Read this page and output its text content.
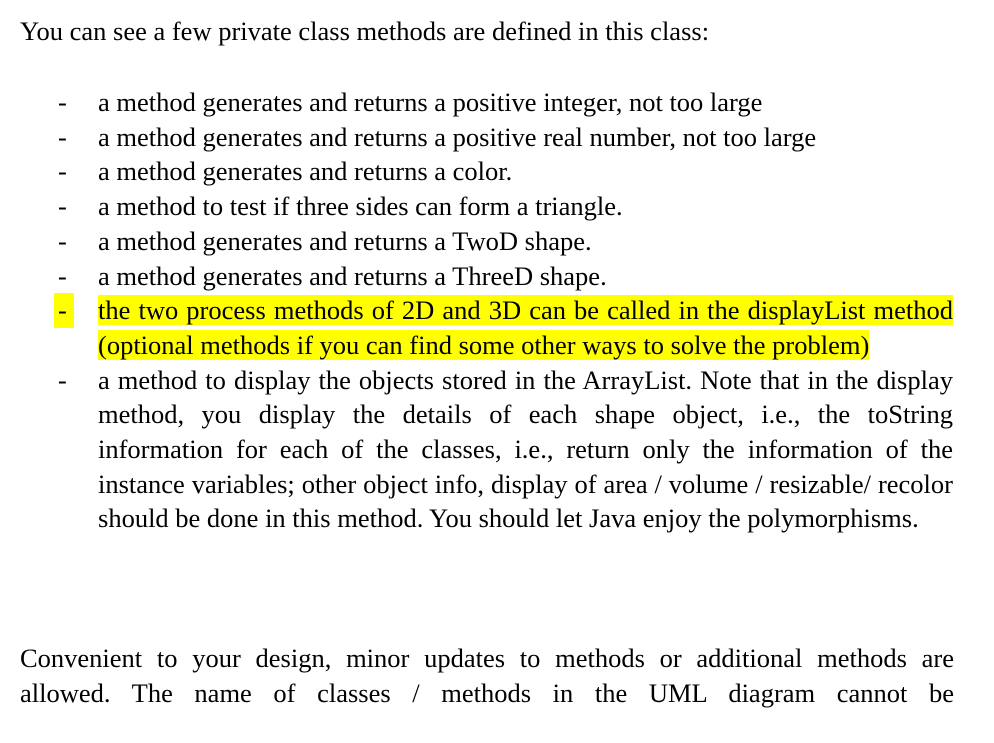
You can see a few private class methods are defined in this class:

- a method generates and returns a positive integer, not too large
- a method generates and returns a positive real number, not too large
- a method generates and returns a color.
- a method to test if three sides can form a triangle.
- a method generates and returns a TwoD shape.
- a method generates and returns a ThreeD shape.
- the two process methods of 2D and 3D can be called in the displayList method (optional methods if you can find some other ways to solve the problem)
- a method to display the objects stored in the ArrayList. Note that in the display method, you display the details of each shape object, i.e., the toString information for each of the classes, i.e., return only the information of the instance variables; other object info, display of area / volume / resizable/ recolor should be done in this method. You should let Java enjoy the polymorphisms.

Convenient to your design, minor updates to methods or additional methods are allowed. The name of classes / methods in the UML diagram cannot be
